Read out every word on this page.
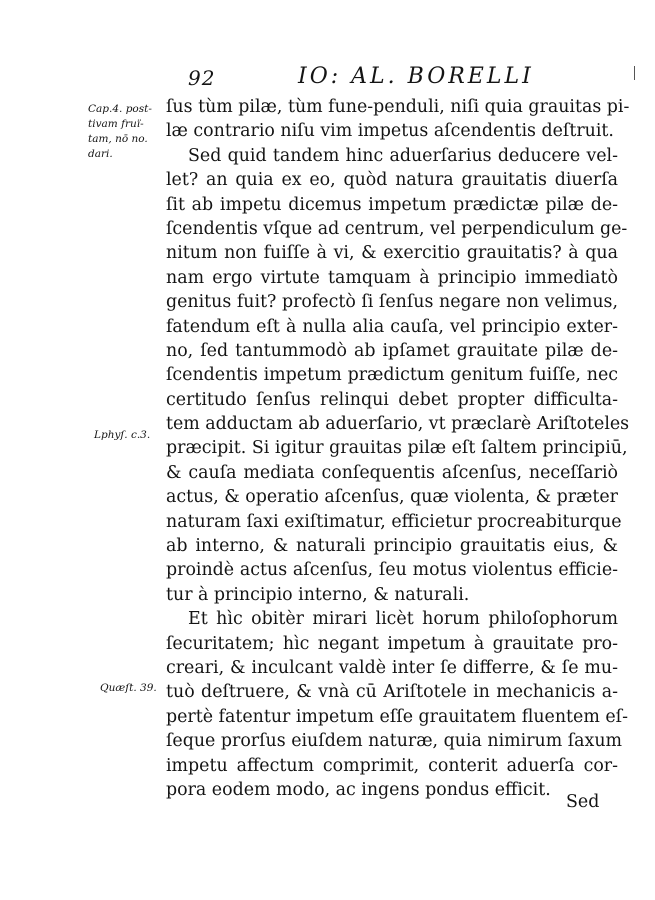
92	IO: AL. BORELLI
Cap.4. post-
tivam fruï-
tam, nō no.
dari.
Lphyſ. c.3.
Quæſt. 39.
ſus tùm pilæ, tùm fune-penduli, niſi quia grauitas pi-
læ contrario niſu vim impetus aſcendentis deſtruit.
Sed quid tandem hinc aduerſarius deducere vel-
let? an quia ex eo, quòd natura grauitatis diuerſa
ſit ab impetu dicemus impetum prædictæ pilæ de-
ſcendentis vſque ad centrum, vel perpendiculum ge-
nitum non fuiſſe à vi, & exercitio grauitatis? à qua
nam ergo virtute tamquam à principio immediatò
genitus fuit? profectò ſi ſenſus negare non velimus,
fatendum eſt à nulla alia cauſa, vel principio exter-
no, ſed tantummodò ab ipſamet grauitate pilæ de-
ſcendentis impetum prædictum genitum fuiſſe, nec
certitudo ſenſus relinqui debet propter difficulta-
tem adductam ab aduerſario, vt præclarè Ariſtoteles
præcipit. Si igitur grauitas pilæ eſt ſaltem principiū,
& cauſa mediata conſequentis aſcenſus, neceſſariò
actus, & operatio aſcenſus, quæ violenta, & præter
naturam ſaxi exiſtimatur, efficietur procreabiturque
ab interno, & naturali principio grauitatis eius, &
proindè actus aſcenſus, ſeu motus violentus efficie-
tur à principio interno, & naturali.
Et hìc obitèr mirari licèt horum philoſophorum
ſecuritatem; hìc negant impetum à grauitate pro-
creari, & inculcant valdè inter ſe differre, & ſe mu-
tuò deſtruere, & vnà cū Ariſtotele in mechanicis a-
pertè fatentur impetum eſſe grauitatem fluentem eſ-
ſeque prorſus eiuſdem naturæ, quia nimirum ſaxum
impetu affectum comprimit, conterit aduerſa cor-
pora eodem modo, ac ingens pondus efficit.
Sed
